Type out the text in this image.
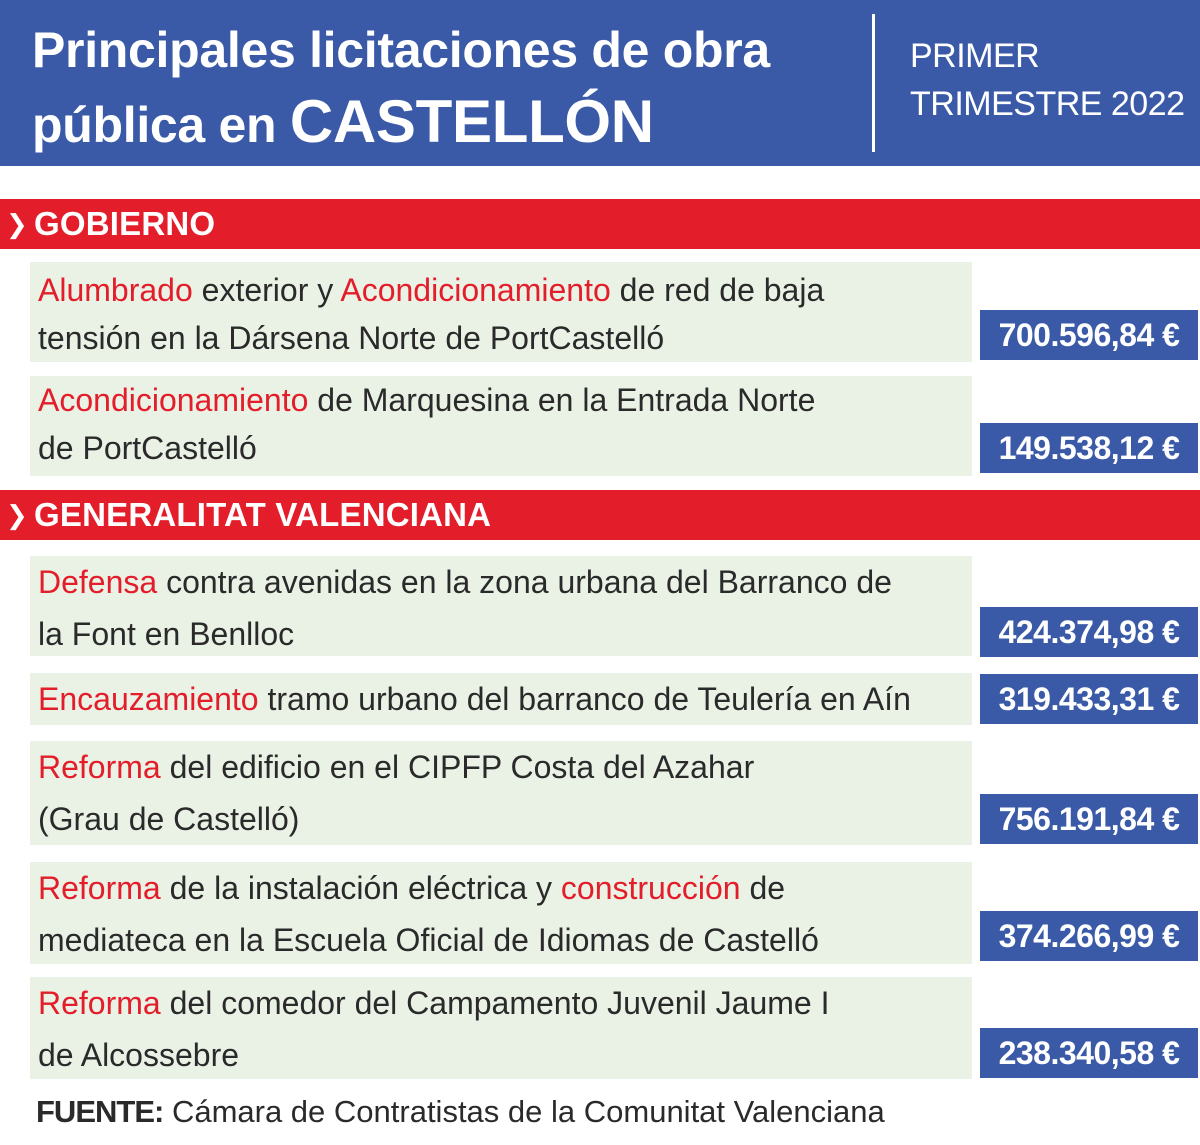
Principales licitaciones de obra
pública en CASTELLÓN
PRIMER
TRIMESTRE 2022
❯ GOBIERNO
Alumbrado exterior y Acondicionamiento de red de baja
tensión en la Dársena Norte de PortCastelló	700.596,84 €
Acondicionamiento de Marquesina en la Entrada Norte
de PortCastelló	149.538,12 €
❯ GENERALITAT VALENCIANA
Defensa contra avenidas en la zona urbana del Barranco de
la Font en Benlloc	424.374,98 €
Encauzamiento tramo urbano del barranco de Teulería en Aín	319.433,31 €
Reforma del edificio en el CIPFP Costa del Azahar
(Grau de Castelló)	756.191,84 €
Reforma de la instalación eléctrica y construcción de
mediateca en la Escuela Oficial de Idiomas de Castelló	374.266,99 €
Reforma del comedor del Campamento Juvenil Jaume I
de Alcossebre	238.340,58 €
FUENTE: Cámara de Contratistas de la Comunitat Valenciana
